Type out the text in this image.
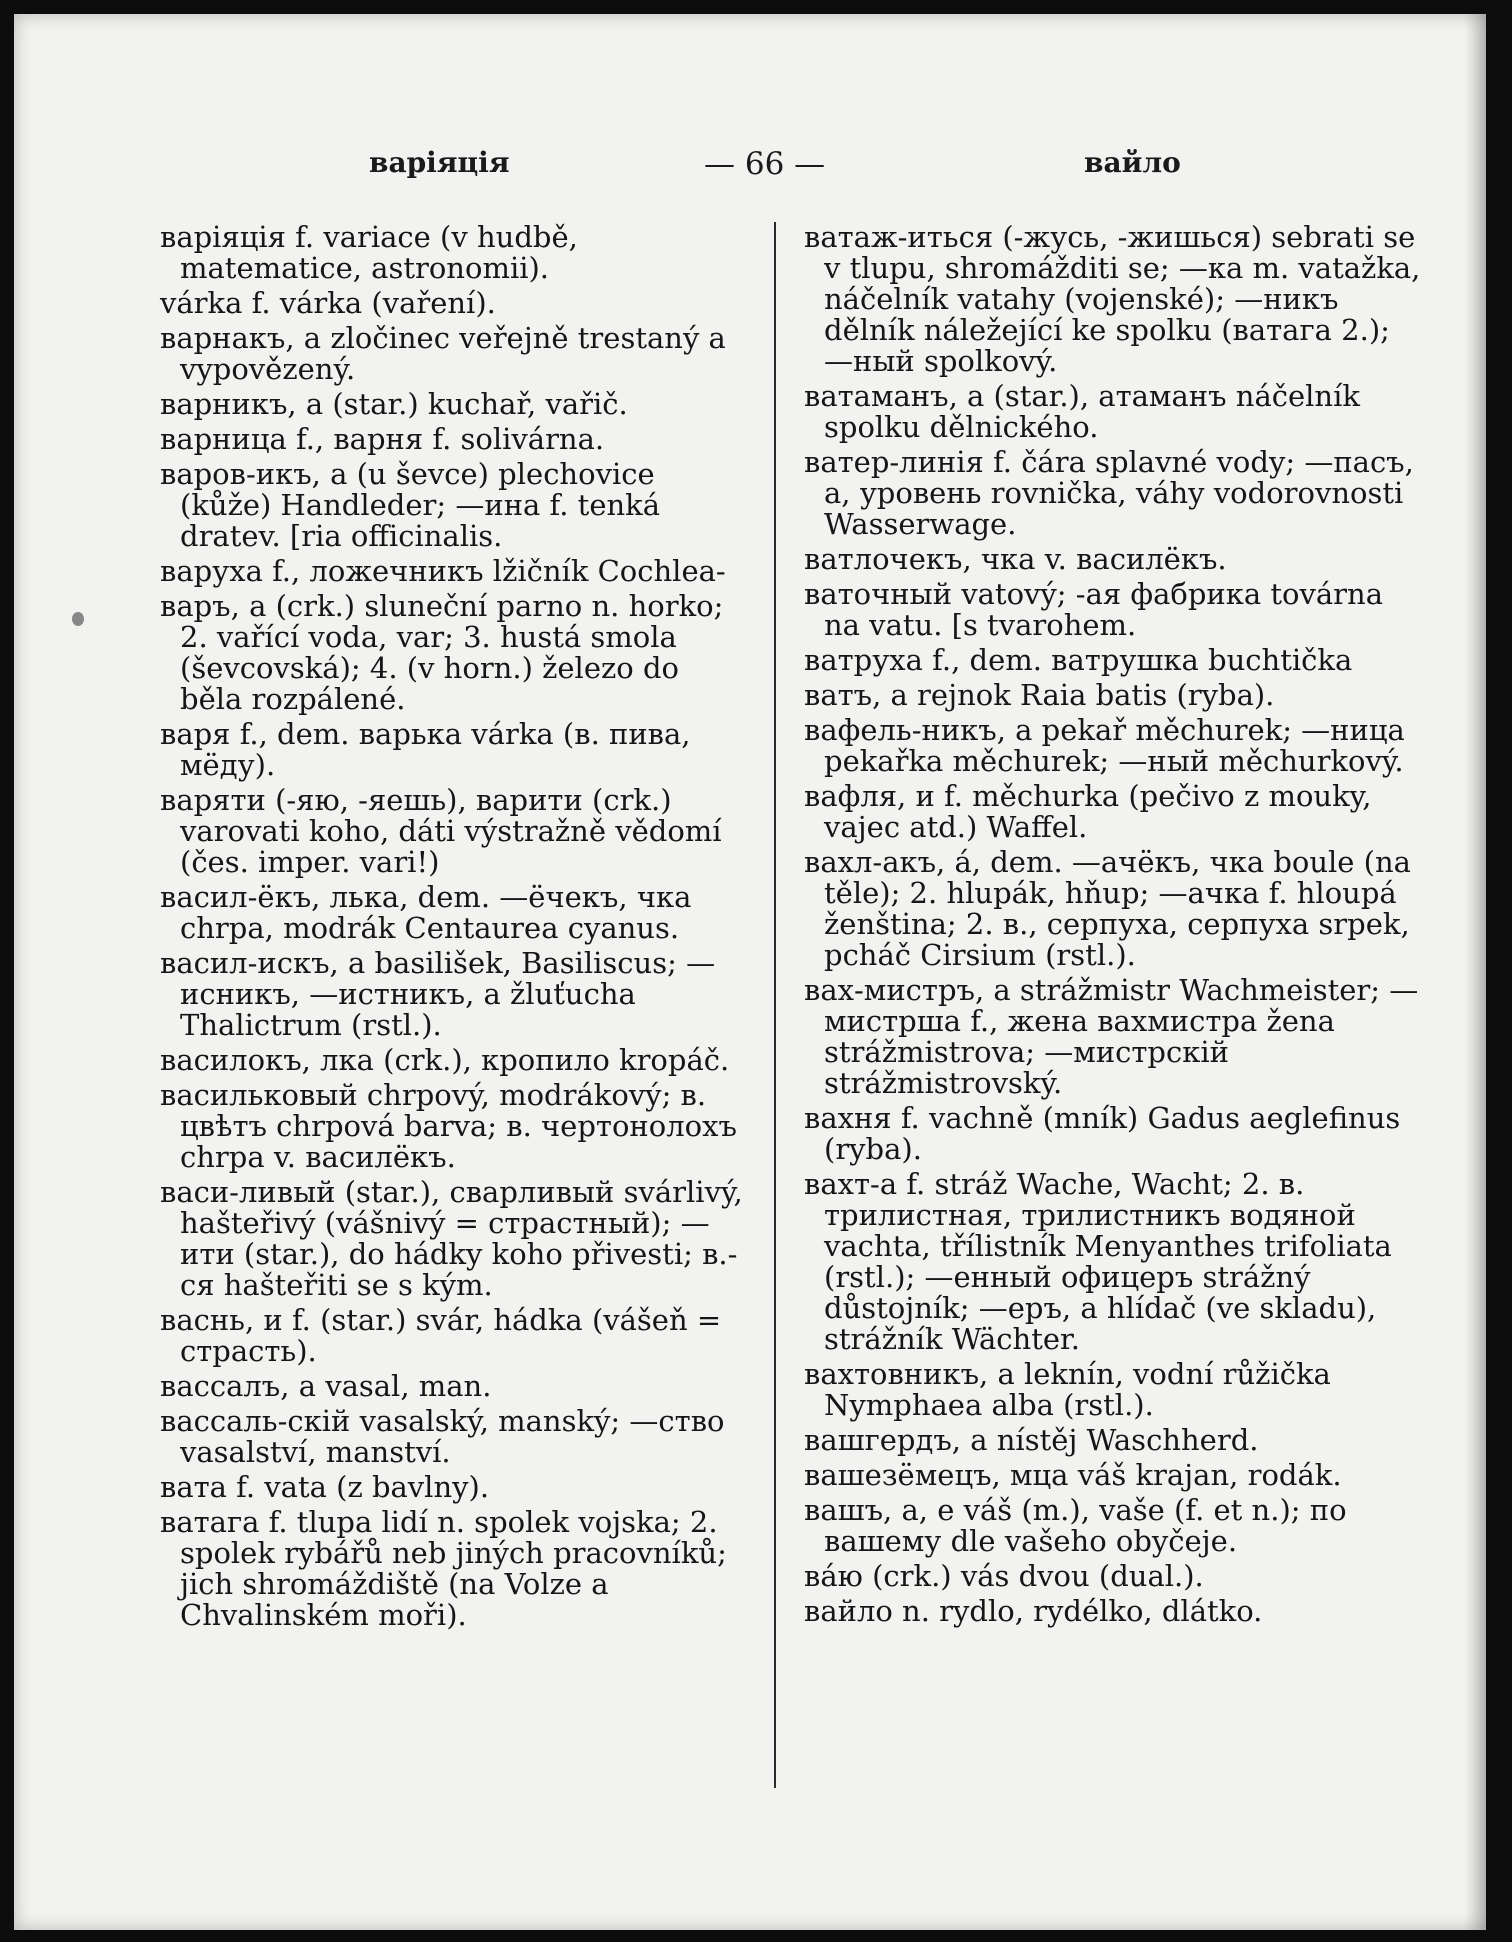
варіяція	— 66 —	вайло

варіяція f. variace (v hudbě, matematice, astronomii).

várka f. várka (vaření).

варнакъ, a zločinec veřejně trestaný a vypovězený.

варникъ, a (star.) kuchař, vařič.

варница f., варня f. solivárna.

варов-икъ, a (u ševce) plechovice (kůže) Handleder; —ина f. tenká dratev. [ria officinalis.

варуха f., ложечникъ lžičník Cochlea-

варъ, a (crk.) sluneční parno n. horko; 2. vařící voda, var; 3. hustá smola (ševcovská); 4. (v horn.) železo do běla rozpálené.

варя f., dem. варька várka (в. пива, мёду).

варяти (-яю, -яешь), варити (crk.) varovati koho, dáti výstražně vědomí (čes. imper. vari!)

васил-ёкъ, лька, dem. —ёчекъ, чка chrpa, modrák Centaurea cyanus.

васил-искъ, a basilišek, Basiliscus; —исникъ, —истникъ, a žluťucha Thalictrum (rstl.).

василокъ, лка (crk.), кропило kropáč.

васильковый chrpový, modrákový; в. цвѣтъ chrpová barva; в. чертонолохъ chrpa v. василёкъ.

васи-ливый (star.), сварливый svárlivý, hašteřivý (vášnivý = страстный); —ити (star.), do hádky koho přivesti; в.-ся hašteřiti se s kým.

васнь, и f. (star.) svár, hádka (vášeň = страсть).

вассалъ, a vasal, man.

вассаль-скій vasalský, manský; —ство vasalství, manství.

вата f. vata (z bavlny).

ватага f. tlupa lidí n. spolek vojska; 2. spolek rybářů neb jiných pracovníků; jich shromáždiště (na Volze a Chvalinském moři).

ватаж-иться (-жусь, -жишься) sebrati se v tlupu, shromážditi se; —ка m. vatažka, náčelník vatahy (vojenské); —никъ dělník náležející ke spolku (ватага 2.); —ный spolkový.

ватаманъ, a (star.), атаманъ náčelník spolku dělnického.

ватер-линія f. čára splavné vody; —пасъ, a, уровень rovnička, váhy vodorovnosti Wasserwage.

ватлочекъ, чка v. василёкъ.

ваточный vatový; -ая фабрика továrna na vatu. [s tvarohem.

ватруха f., dem. ватрушка buchtička

ватъ, a rejnok Raia batis (ryba).

вафель-никъ, a pekař měchurek; —ница pekařka měchurek; —ный měchurkový.

вафля, и f. měchurka (pečivo z mouky, vajec atd.) Waffel.

вахл-акъ, á, dem. —ачёкъ, чка boule (na těle); 2. hlupák, hňup; —ачка f. hloupá ženština; 2. в., серпуха, серпуха srpek, pcháč Cirsium (rstl.).

вах-мистръ, a strážmistr Wachmeister; —мистрша f., жена вахмистра žena strážmistrova; —мистрскій strážmistrovský.

вахня f. vachně (mník) Gadus aeglefinus (ryba).

вахт-а f. stráž Wache, Wacht; 2. в. трилистная, трилистникъ водяной vachta, třílistník Menyanthes trifoliata (rstl.); —енный офицеръ strážný důstojník; —еръ, a hlídač (ve skladu), strážník Wächter.

вахтовникъ, a leknín, vodní růžička Nymphaea alba (rstl.).

вашгердъ, a nístěj Waschherd.

вашезёмецъ, мца váš krajan, rodák.

вашъ, a, e váš (m.), vaše (f. et n.); по вашему dle vašeho obyčeje.

вáю (crk.) vás dvou (dual.).

вайло n. rydlo, rydélko, dlátko.
